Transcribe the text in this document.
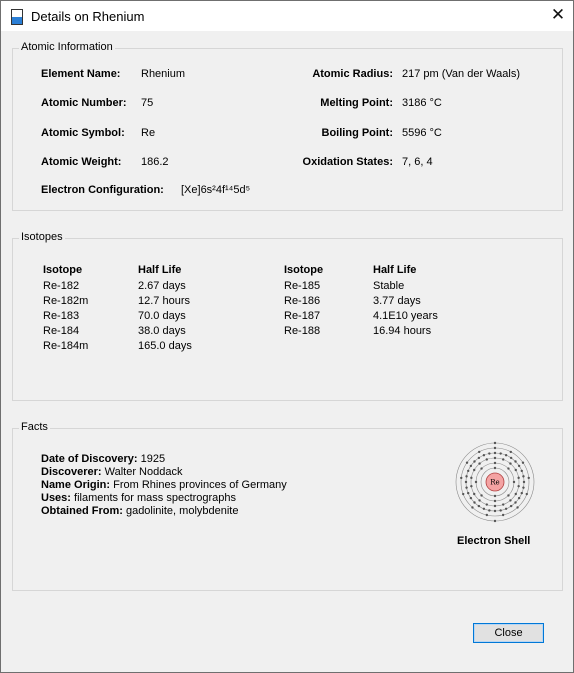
Details on Rhenium	✕
Atomic Information
Element Name: Rhenium
Atomic Number: 75
Atomic Symbol: Re
Atomic Weight: 186.2
Electron Configuration: [Xe]6s²4f¹⁴5d⁵
Atomic Radius: 217 pm (Van der Waals)
Melting Point: 3186 °C
Boiling Point: 5596 °C
Oxidation States: 7, 6, 4
Isotopes
Isotope	Half Life
Re-182	2.67 days
Re-182m	12.7 hours
Re-183	70.0 days
Re-184	38.0 days
Re-184m	165.0 days
Isotope	Half Life
Re-185	Stable
Re-186	3.77 days
Re-187	4.1E10 years
Re-188	16.94 hours
Facts
Date of Discovery: 1925
Discoverer: Walter Noddack
Name Origin: From Rhines provinces of Germany
Uses: filaments for mass spectrographs
Obtained From: gadolinite, molybdenite
Re
Electron Shell
Close
